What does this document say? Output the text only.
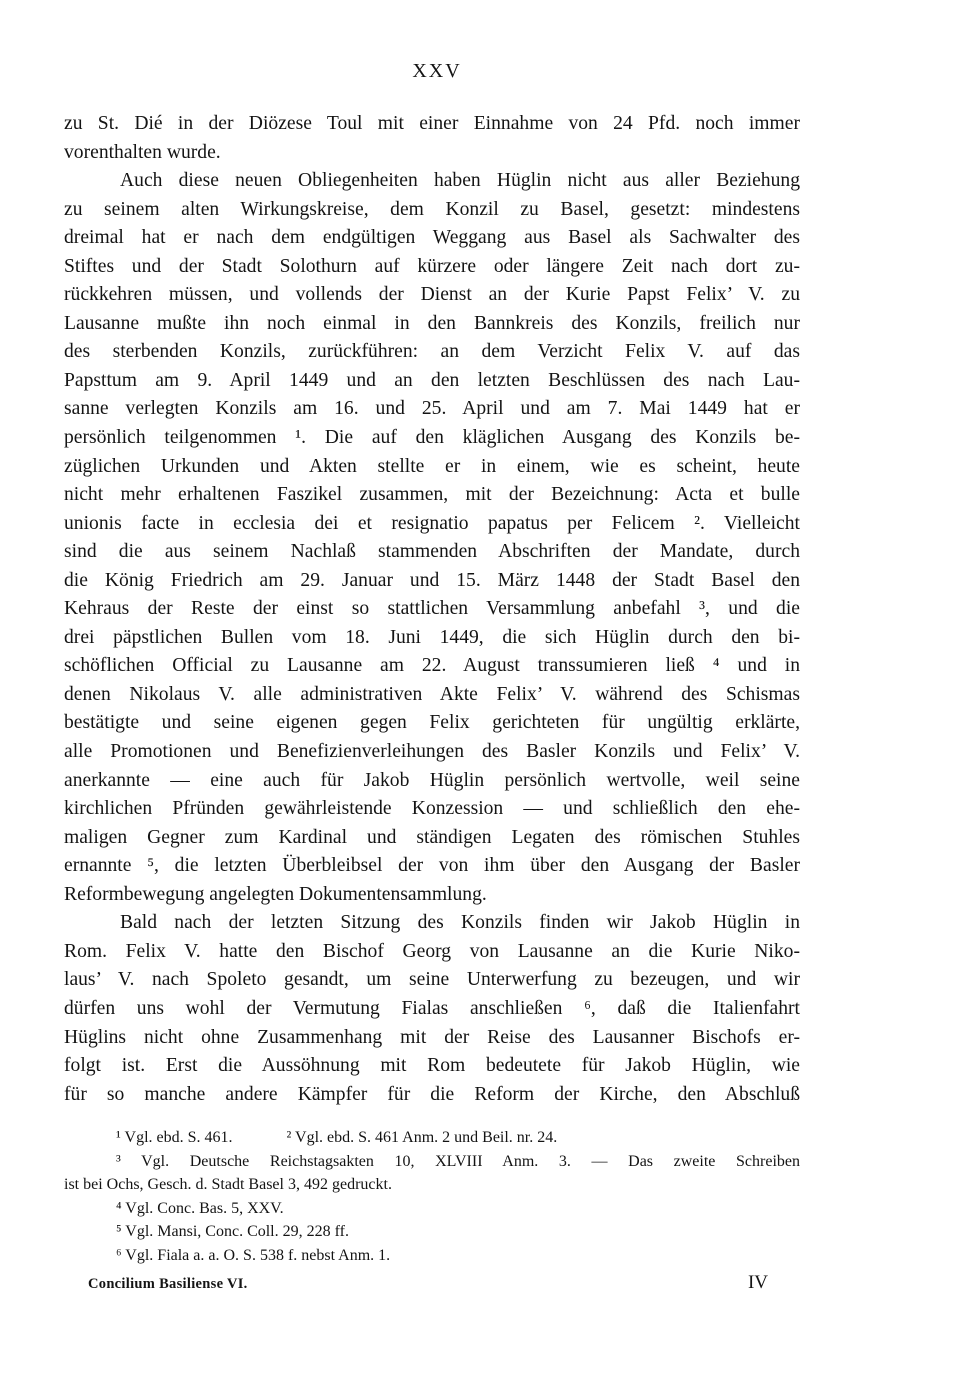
XXV
zu St. Dié in der Diözese Toul mit einer Einnahme von 24 Pfd. noch immer
vorenthalten wurde.
Auch diese neuen Obliegenheiten haben Hüglin nicht aus aller Beziehung
zu seinem alten Wirkungskreise, dem Konzil zu Basel, gesetzt: mindestens
dreimal hat er nach dem endgültigen Weggang aus Basel als Sachwalter des
Stiftes und der Stadt Solothurn auf kürzere oder längere Zeit nach dort zu-
rückkehren müssen, und vollends der Dienst an der Kurie Papst Felix’ V. zu
Lausanne mußte ihn noch einmal in den Bannkreis des Konzils, freilich nur
des sterbenden Konzils, zurückführen: an dem Verzicht Felix V. auf das
Papsttum am 9. April 1449 und an den letzten Beschlüssen des nach Lau-
sanne verlegten Konzils am 16. und 25. April und am 7. Mai 1449 hat er
persönlich teilgenommen ¹. Die auf den kläglichen Ausgang des Konzils be-
züglichen Urkunden und Akten stellte er in einem, wie es scheint, heute
nicht mehr erhaltenen Faszikel zusammen, mit der Bezeichnung: Acta et bulle
unionis facte in ecclesia dei et resignatio papatus per Felicem ². Vielleicht
sind die aus seinem Nachlaß stammenden Abschriften der Mandate, durch
die König Friedrich am 29. Januar und 15. März 1448 der Stadt Basel den
Kehraus der Reste der einst so stattlichen Versammlung anbefahl ³, und die
drei päpstlichen Bullen vom 18. Juni 1449, die sich Hüglin durch den bi-
schöflichen Official zu Lausanne am 22. August transsumieren ließ ⁴ und in
denen Nikolaus V. alle administrativen Akte Felix’ V. während des Schismas
bestätigte und seine eigenen gegen Felix gerichteten für ungültig erklärte,
alle Promotionen und Benefizienverleihungen des Basler Konzils und Felix’ V.
anerkannte — eine auch für Jakob Hüglin persönlich wertvolle, weil seine
kirchlichen Pfründen gewährleistende Konzession — und schließlich den ehe-
maligen Gegner zum Kardinal und ständigen Legaten des römischen Stuhles
ernannte ⁵, die letzten Überbleibsel der von ihm über den Ausgang der Basler
Reformbewegung angelegten Dokumentensammlung.
Bald nach der letzten Sitzung des Konzils finden wir Jakob Hüglin in
Rom. Felix V. hatte den Bischof Georg von Lausanne an die Kurie Niko-
laus’ V. nach Spoleto gesandt, um seine Unterwerfung zu bezeugen, und wir
dürfen uns wohl der Vermutung Fialas anschließen ⁶, daß die Italienfahrt
Hüglins nicht ohne Zusammenhang mit der Reise des Lausanner Bischofs er-
folgt ist. Erst die Aussöhnung mit Rom bedeutete für Jakob Hüglin, wie
für so manche andere Kämpfer für die Reform der Kirche, den Abschluß
¹ Vgl. ebd. S. 461.	² Vgl. ebd. S. 461 Anm. 2 und Beil. nr. 24.
³ Vgl. Deutsche Reichstagsakten 10, XLVIII Anm. 3. — Das zweite Schreiben
ist bei Ochs, Gesch. d. Stadt Basel 3, 492 gedruckt.
⁴ Vgl. Conc. Bas. 5, XXV.
⁵ Vgl. Mansi, Conc. Coll. 29, 228 ff.
⁶ Vgl. Fiala a. a. O. S. 538 f. nebst Anm. 1.
Concilium Basiliense VI.	IV
